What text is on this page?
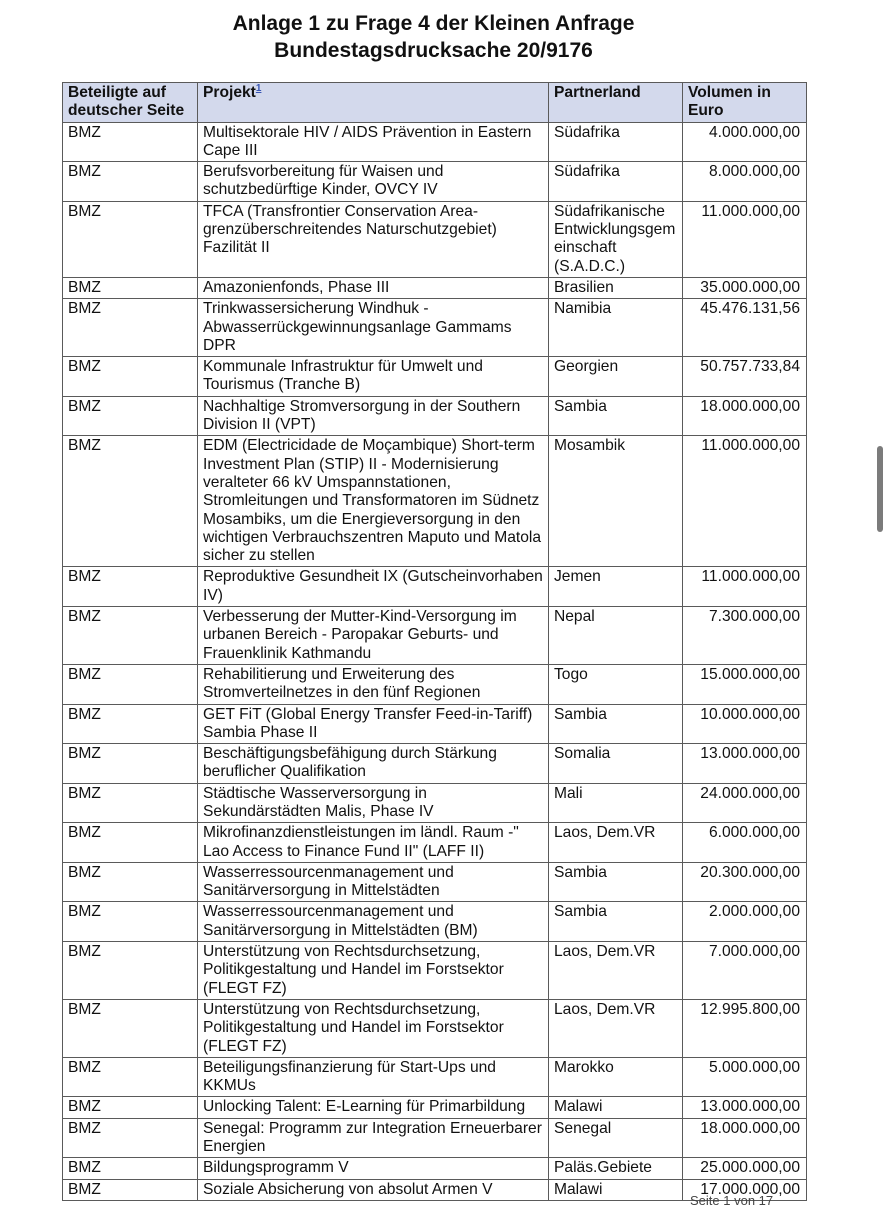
Anlage 1 zu Frage 4 der Kleinen Anfrage
Bundestagsdrucksache 20/9176
Beteiligte auf deutscher Seite	Projekt$^1$	Partnerland	Volumen in Euro
BMZ	Multisektorale HIV / AIDS Prävention in Eastern Cape III	Südafrika	4.000.000,00
BMZ	Berufsvorbereitung für Waisen und schutzbedürftige Kinder, OVCY IV	Südafrika	8.000.000,00
BMZ	TFCA (Transfrontier Conservation Area- grenzüberschreitendes Naturschutzgebiet) Fazilität II	Südafrikanische Entwicklungsgem einschaft (S.A.D.C.)	11.000.000,00
BMZ	Amazonienfonds, Phase III	Brasilien	35.000.000,00
BMZ	Trinkwassersicherung Windhuk - Abwasserrückgewinnungsanlage Gammams DPR	Namibia	45.476.131,56
BMZ	Kommunale Infrastruktur für Umwelt und Tourismus (Tranche B)	Georgien	50.757.733,84
BMZ	Nachhaltige Stromversorgung in der Southern Division II (VPT)	Sambia	18.000.000,00
BMZ	EDM (Electricidade de Moçambique) Short-term Investment Plan (STIP) II - Modernisierung veralteter 66 kV Umspannstationen, Stromleitungen und Transformatoren im Südnetz Mosambiks, um die Energieversorgung in den wichtigen Verbrauchszentren Maputo und Matola sicher zu stellen	Mosambik	11.000.000,00
BMZ	Reproduktive Gesundheit IX (Gutscheinvorhaben IV)	Jemen	11.000.000,00
BMZ	Verbesserung der Mutter-Kind-Versorgung im urbanen Bereich - Paropakar Geburts- und Frauenklinik Kathmandu	Nepal	7.300.000,00
BMZ	Rehabilitierung und Erweiterung des Stromverteilnetzes in den fünf Regionen	Togo	15.000.000,00
BMZ	GET FiT (Global Energy Transfer Feed-in-Tariff) Sambia Phase II	Sambia	10.000.000,00
BMZ	Beschäftigungsbefähigung durch Stärkung beruflicher Qualifikation	Somalia	13.000.000,00
BMZ	Städtische Wasserversorgung in Sekundärstädten Malis, Phase IV	Mali	24.000.000,00
BMZ	Mikrofinanzdienstleistungen im ländl. Raum -" Lao Access to Finance Fund II" (LAFF II)	Laos, Dem.VR	6.000.000,00
BMZ	Wasserressourcenmanagement und Sanitärversorgung in Mittelstädten	Sambia	20.300.000,00
BMZ	Wasserressourcenmanagement und Sanitärversorgung in Mittelstädten (BM)	Sambia	2.000.000,00
BMZ	Unterstützung von Rechtsdurchsetzung, Politikgestaltung und Handel im Forstsektor (FLEGT FZ)	Laos, Dem.VR	7.000.000,00
BMZ	Unterstützung von Rechtsdurchsetzung, Politikgestaltung und Handel im Forstsektor (FLEGT FZ)	Laos, Dem.VR	12.995.800,00
BMZ	Beteiligungsfinanzierung für Start-Ups und KKMUs	Marokko	5.000.000,00
BMZ	Unlocking Talent: E-Learning für Primarbildung	Malawi	13.000.000,00
BMZ	Senegal: Programm zur Integration Erneuerbarer Energien	Senegal	18.000.000,00
BMZ	Bildungsprogramm V	Paläs.Gebiete	25.000.000,00
BMZ	Soziale Absicherung von absolut Armen V	Malawi	17.000.000,00
Seite 1 von 17
